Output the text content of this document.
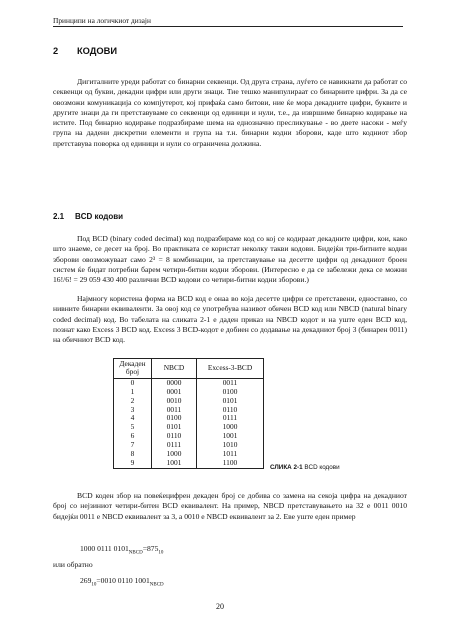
Принципи на логичкиот дизајн
2 КОДОВИ

Дигиталните уреди работат со бинарни секвенци. Од друга страна, луѓето се навикнати да работат со секвенци од букви, декадни цифри или други знаци. Тие тешко манипулираат со бинарните цифри. За да се овозможи комуникација со компјутерот, кој прифаќа само битови, ние ќе мора декадните цифри, буквите и другите знаци да ги претставуваме со секвенци од единици и нули, т.е., да извршиме бинарно кодирање на истите. Под бинарно кодирање подразбираме шема на еднозначно пресликување - во двете насоки - меѓу група на дадени дискретни елементи и група на т.н. бинарни кодни зборови, каде што кодниот збор претставува поворка од единици и нули со ограничена должина.

2.1 BCD кодови

Под BCD (binary coded decimal) код подразбираме код со кој се кодираат декадните цифри, кои, како што знаеме, се десет на број. Во практиката се користат неколку такви кодови. Бидејќи три-битните кодни зборови овозможуваат само 2³ = 8 комбинации, за претставување на десетте цифри од декадниот броен систем ќе бидат потребни барем четири-битни кодни зборови. (Интересно е да се забележи дека се можни 16!/6! = 29 059 430 400 различни BCD кодови со четири-битни кодни зборови.)

Најмногу користена форма на BCD код е онаа во која десетте цифри се претставени, едноставно, со нивните бинарни еквиваленти. За овој код се употребува називот обичен BCD код или NBCD (natural binary coded decimal) код. Во табелата на сликата 2-1 е даден приказ на NBCD кодот и на уште еден BCD код, познат како Excess 3 BCD код. Excess 3 BCD-кодот е добиен со додавање на декадниот број 3 (бинарен 0011) на обичниот BCD код.

Декаден број	NBCD	Excess-3-BCD
0	0000	0011
1	0001	0100
2	0010	0101
3	0011	0110
4	0100	0111
5	0101	1000
6	0110	1001
7	0111	1010
8	1000	1011
9	1001	1100
СЛИКА 2-1 BCD кодови

BCD коден збор на повеќецифрен декаден број се добива со замена на секоја цифра на декадниот број со нејзиниот четири-битен BCD еквивалент. На пример, NBCD претставувањето на 32 е 0011 0010 бидејќи 0011 е NBCD еквивалент за 3, а 0010 е NBCD еквивалент за 2. Еве уште еден пример

1000 0111 $0101_{NBCD}=875_{10}$
или обратно
$269_{10}=0010$ 0110 $1001_{NBCD}$
20
